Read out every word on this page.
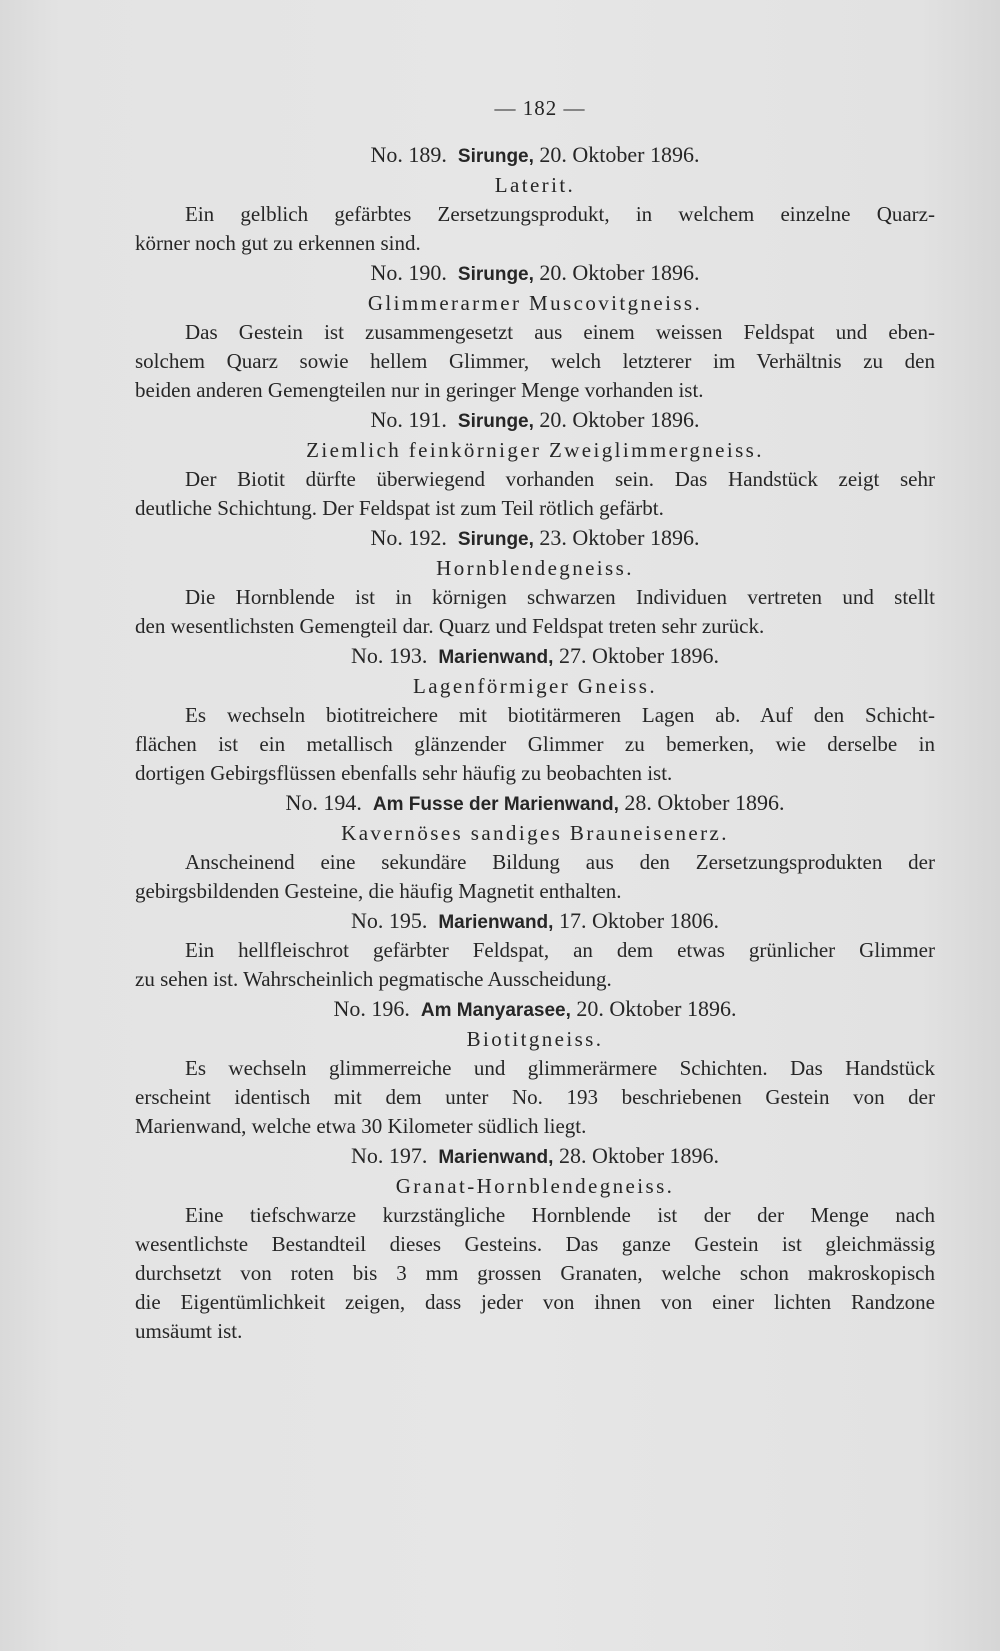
— 182 —
No. 189. Sirunge, 20. Oktober 1896.
Laterit.
Ein gelblich gefärbtes Zersetzungsprodukt, in welchem einzelne Quarz-
körner noch gut zu erkennen sind.
No. 190. Sirunge, 20. Oktober 1896.
Glimmerarmer Muscovitgneiss.
Das Gestein ist zusammengesetzt aus einem weissen Feldspat und eben-
solchem Quarz sowie hellem Glimmer, welch letzterer im Verhältnis zu den
beiden anderen Gemengteilen nur in geringer Menge vorhanden ist.
No. 191. Sirunge, 20. Oktober 1896.
Ziemlich feinkörniger Zweiglimmergneiss.
Der Biotit dürfte überwiegend vorhanden sein. Das Handstück zeigt sehr
deutliche Schichtung. Der Feldspat ist zum Teil rötlich gefärbt.
No. 192. Sirunge, 23. Oktober 1896.
Hornblendegneiss.
Die Hornblende ist in körnigen schwarzen Individuen vertreten und stellt
den wesentlichsten Gemengteil dar. Quarz und Feldspat treten sehr zurück.
No. 193. Marienwand, 27. Oktober 1896.
Lagenförmiger Gneiss.
Es wechseln biotitreichere mit biotitärmeren Lagen ab. Auf den Schicht-
flächen ist ein metallisch glänzender Glimmer zu bemerken, wie derselbe in
dortigen Gebirgsflüssen ebenfalls sehr häufig zu beobachten ist.
No. 194. Am Fusse der Marienwand, 28. Oktober 1896.
Kavernöses sandiges Brauneisenerz.
Anscheinend eine sekundäre Bildung aus den Zersetzungsprodukten der
gebirgsbildenden Gesteine, die häufig Magnetit enthalten.
No. 195. Marienwand, 17. Oktober 1806.
Ein hellfleischrot gefärbter Feldspat, an dem etwas grünlicher Glimmer
zu sehen ist. Wahrscheinlich pegmatische Ausscheidung.
No. 196. Am Manyarasee, 20. Oktober 1896.
Biotitgneiss.
Es wechseln glimmerreiche und glimmerärmere Schichten. Das Handstück
erscheint identisch mit dem unter No. 193 beschriebenen Gestein von der
Marienwand, welche etwa 30 Kilometer südlich liegt.
No. 197. Marienwand, 28. Oktober 1896.
Granat-Hornblendegneiss.
Eine tiefschwarze kurzstängliche Hornblende ist der der Menge nach
wesentlichste Bestandteil dieses Gesteins. Das ganze Gestein ist gleichmässig
durchsetzt von roten bis 3 mm grossen Granaten, welche schon makroskopisch
die Eigentümlichkeit zeigen, dass jeder von ihnen von einer lichten Randzone
umsäumt ist.
